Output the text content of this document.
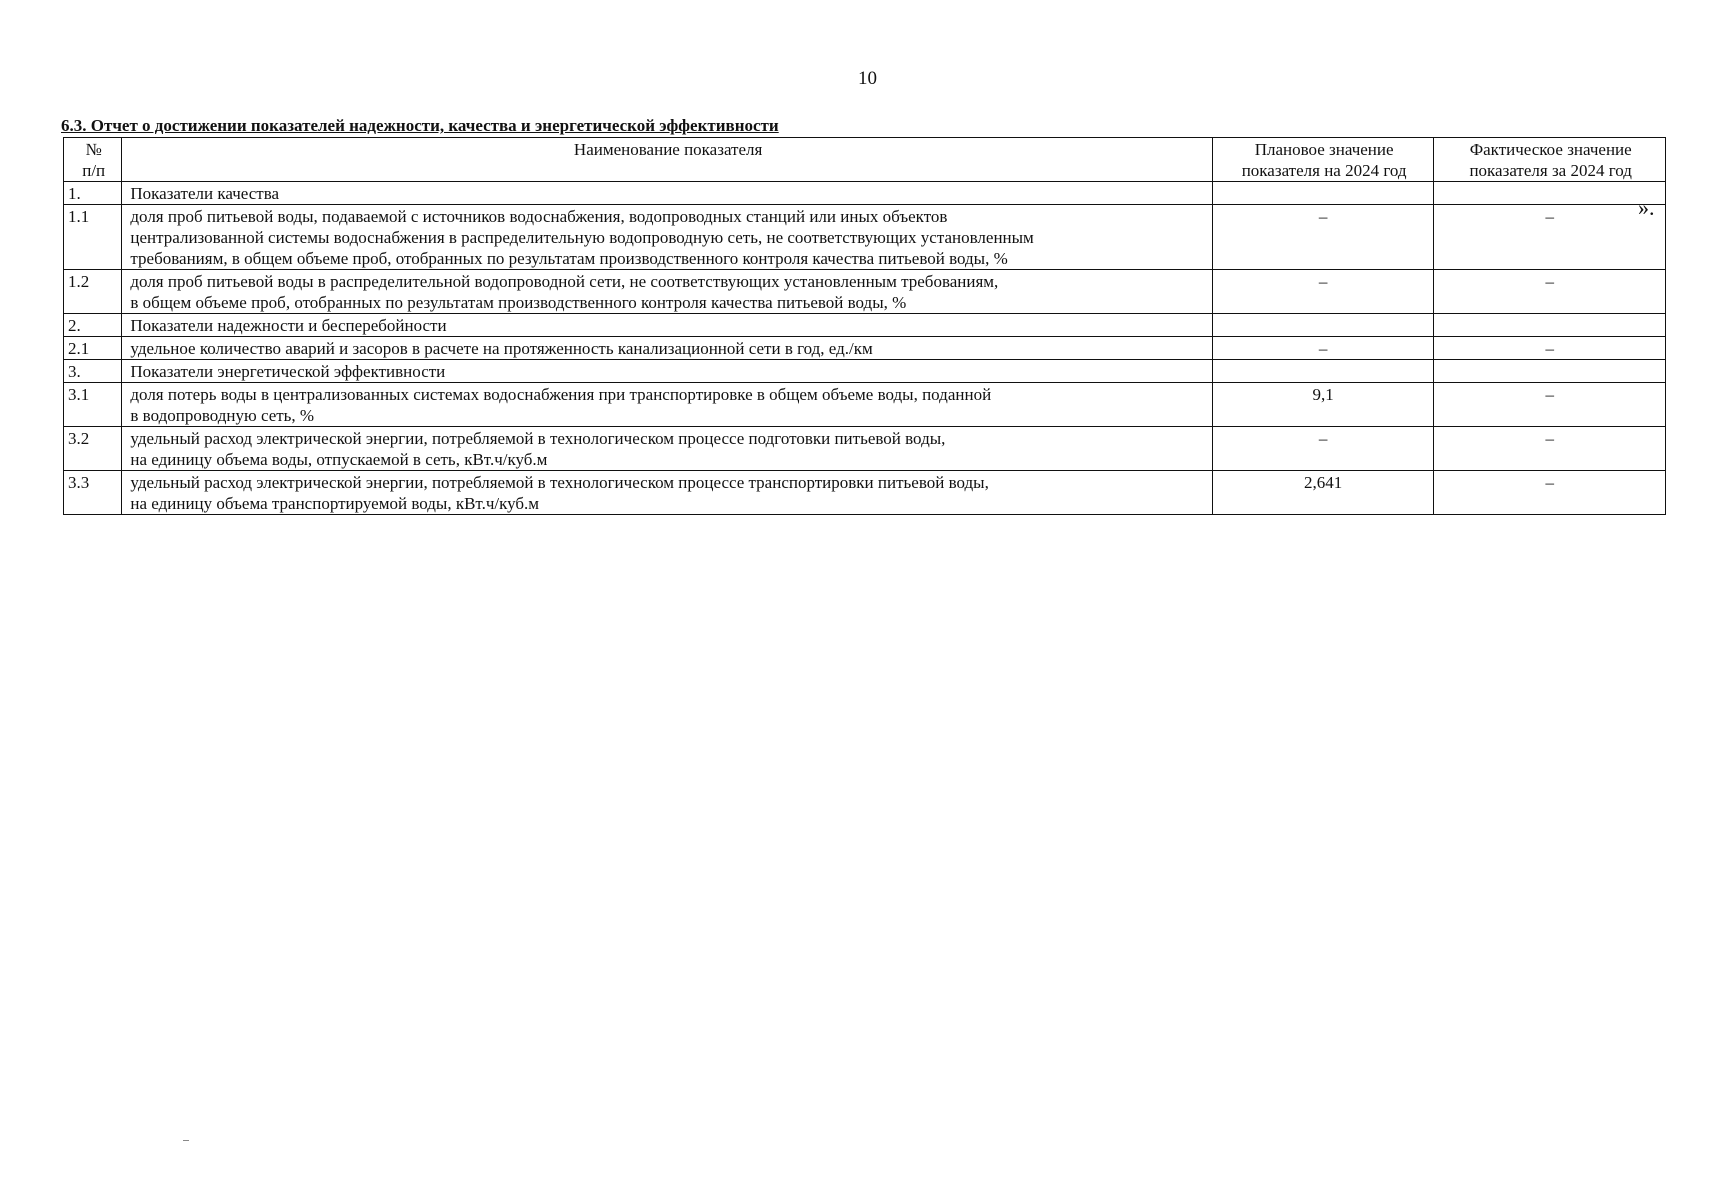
10
6.3. Отчет о достижении показателей надежности, качества и энергетической эффективности
№
п/п	Наименование показателя	Плановое значение показателя на 2024 год	Фактическое значение показателя за 2024 год
1.	Показатели качества		
1.1	доля проб питьевой воды, подаваемой с источников водоснабжения, водопроводных станций или иных объектов
централизованной системы водоснабжения в распределительную водопроводную сеть, не соответствующих установленным
требованиям, в общем объеме проб, отобранных по результатам производственного контроля качества питьевой воды, %	–	–
1.2	доля проб питьевой воды в распределительной водопроводной сети, не соответствующих установленным требованиям,
в общем объеме проб, отобранных по результатам производственного контроля качества питьевой воды, %	–	–
2.	Показатели надежности и бесперебойности		
2.1	удельное количество аварий и засоров в расчете на протяженность канализационной сети в год, ед./км	–	–
3.	Показатели энергетической эффективности		
3.1	доля потерь воды в централизованных системах водоснабжения при транспортировке в общем объеме воды, поданной
в водопроводную сеть, %	9,1	–
3.2	удельный расход электрической энергии, потребляемой в технологическом процессе подготовки питьевой воды,
на единицу объема воды, отпускаемой в сеть, кВт.ч/куб.м	–	–
3.3	удельный расход электрической энергии, потребляемой в технологическом процессе транспортировки питьевой воды,
на единицу объема транспортируемой воды, кВт.ч/куб.м	2,641	–
».
